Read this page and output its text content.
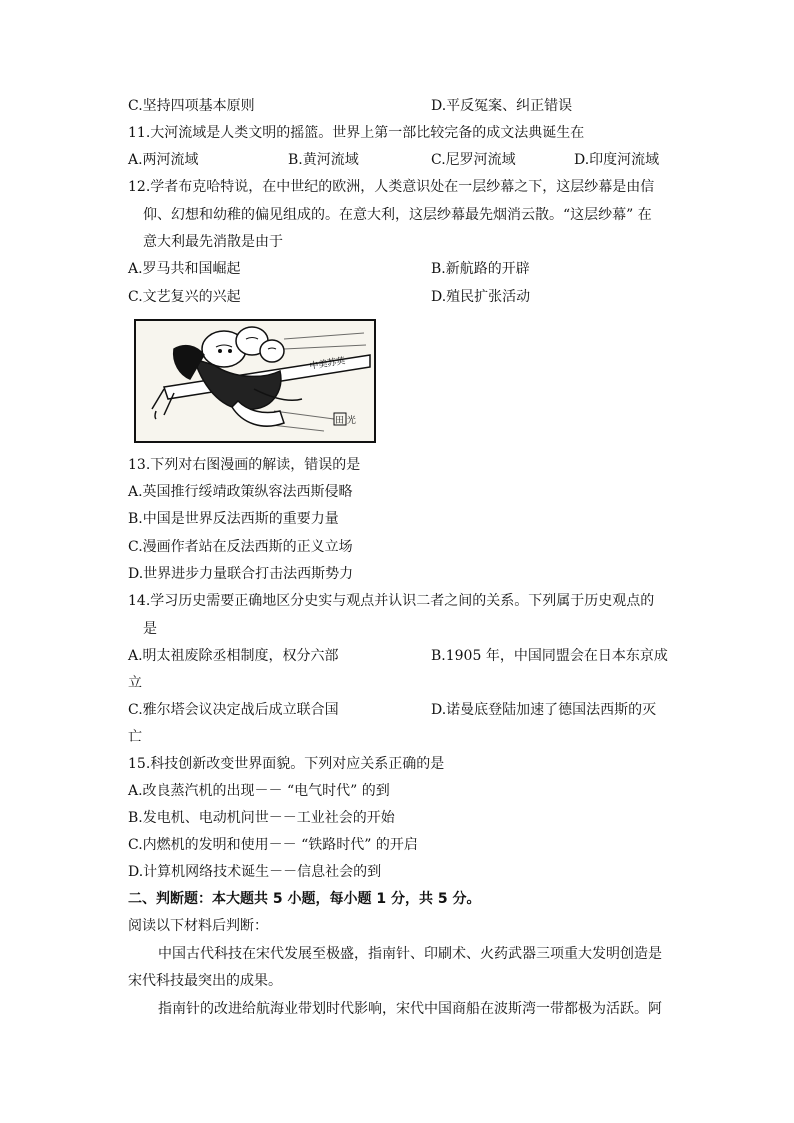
C.坚持四项基本原则	D.平反冤案、纠正错误
11.大河流域是人类文明的摇篮。世界上第一部比较完备的成文法典诞生在
A.两河流域	B.黄河流域	C.尼罗河流域	D.印度河流域
12.学者布克哈特说，在中世纪的欧洲，人类意识处在一层纱幕之下，这层纱幕是由信
仰、幻想和幼稚的偏见组成的。在意大利，这层纱幕最先烟消云散。“这层纱幕” 在
意大利最先消散是由于
A.罗马共和国崛起	B.新航路的开辟
C.文艺复兴的兴起	D.殖民扩张活动
中美苏英
田 光
13.下列对右图漫画的解读，错误的是
A.英国推行绥靖政策纵容法西斯侵略
B.中国是世界反法西斯的重要力量
C.漫画作者站在反法西斯的正义立场
D.世界进步力量联合打击法西斯势力
14.学习历史需要正确地区分史实与观点并认识二者之间的关系。下列属于历史观点的
是
A.明太祖废除丞相制度，权分六部	B.1905 年，中国同盟会在日本东京成
立
C.雅尔塔会议决定战后成立联合国	D.诺曼底登陆加速了德国法西斯的灭
亡
15.科技创新改变世界面貌。下列对应关系正确的是
A.改良蒸汽机的出现－－ “电气时代” 的到
B.发电机、电动机问世－－工业社会的开始
C.内燃机的发明和使用－－ “铁路时代” 的开启
D.计算机网络技术诞生－－信息社会的到
二、判断题：本大题共 5 小题，每小题 1 分，共 5 分。
阅读以下材料后判断：
中国古代科技在宋代发展至极盛，指南针、印刷术、火药武器三项重大发明创造是
宋代科技最突出的成果。
指南针的改进给航海业带划时代影响，宋代中国商船在波斯湾一带都极为活跃。阿
